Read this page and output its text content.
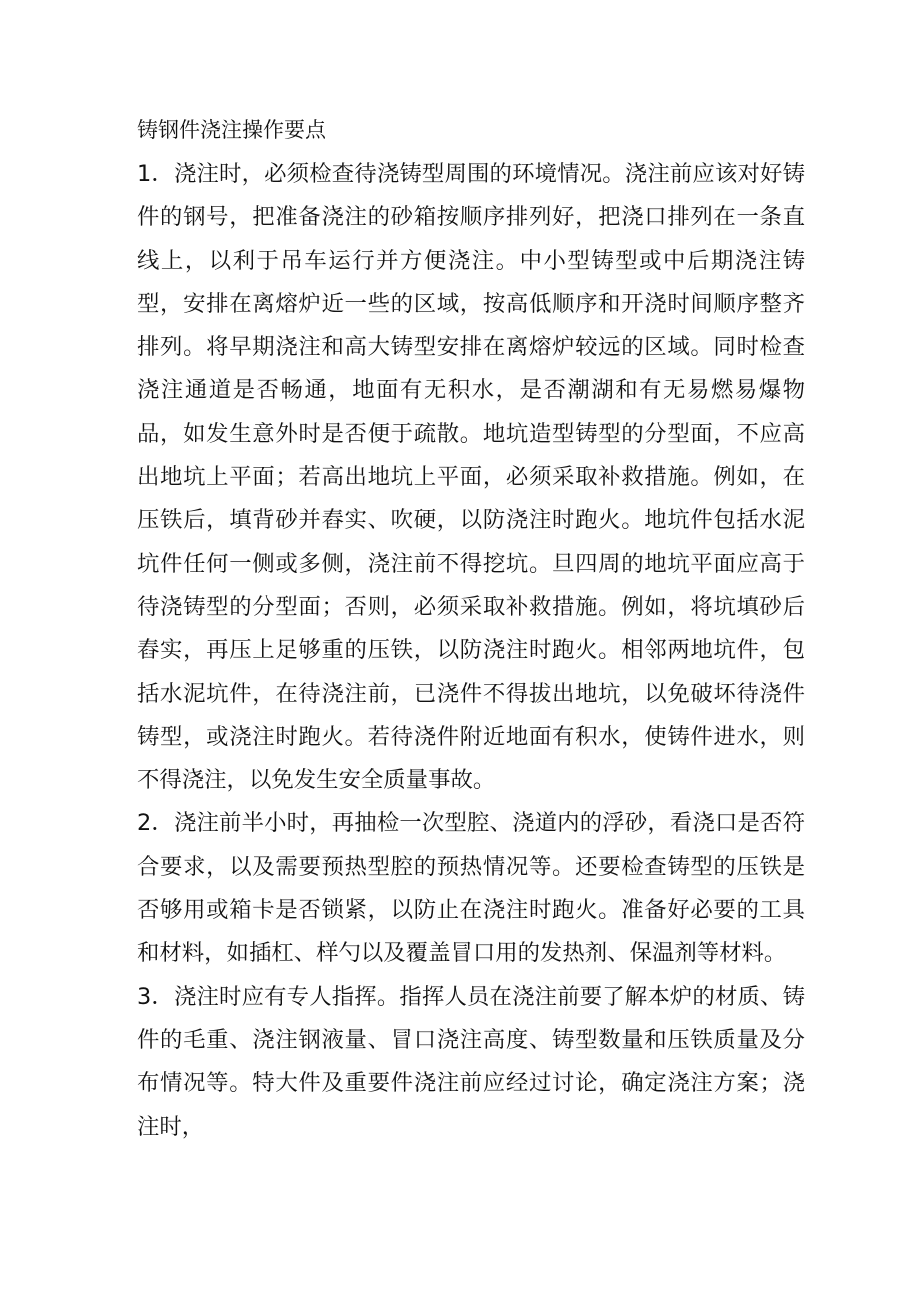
铸钢件浇注操作要点

1．浇注时，必须检查待浇铸型周围的环境情况。浇注前应该对好铸件的钢号，把准备浇注的砂箱按顺序排列好，把浇口排列在一条直线上，以利于吊车运行并方便浇注。中小型铸型或中后期浇注铸型，安排在离熔炉近一些的区域，按高低顺序和开浇时间顺序整齐排列。将早期浇注和高大铸型安排在离熔炉较远的区域。同时检查浇注通道是否畅通，地面有无积水，是否潮湖和有无易燃易爆物品，如发生意外时是否便于疏散。地坑造型铸型的分型面，不应高出地坑上平面；若高出地坑上平面，必须采取补救措施。例如，在压铁后，填背砂并舂实、吹硬，以防浇注时跑火。地坑件包括水泥坑件任何一侧或多侧，浇注前不得挖坑。旦四周的地坑平面应高于待浇铸型的分型面；否则，必须采取补救措施。例如，将坑填砂后舂实，再压上足够重的压铁，以防浇注时跑火。相邻两地坑件，包括水泥坑件，在待浇注前，已浇件不得拔出地坑，以免破坏待浇件铸型，或浇注时跑火。若待浇件附近地面有积水，使铸件进水，则不得浇注，以免发生安全质量事故。

2．浇注前半小时，再抽检一次型腔、浇道内的浮砂，看浇口是否符合要求，以及需要预热型腔的预热情况等。还要检查铸型的压铁是否够用或箱卡是否锁紧，以防止在浇注时跑火。准备好必要的工具和材料，如插杠、样勺以及覆盖冒口用的发热剂、保温剂等材料。

3．浇注时应有专人指挥。指挥人员在浇注前要了解本炉的材质、铸件的毛重、浇注钢液量、冒口浇注高度、铸型数量和压铁质量及分布情况等。特大件及重要件浇注前应经过讨论，确定浇注方案；浇注时，
